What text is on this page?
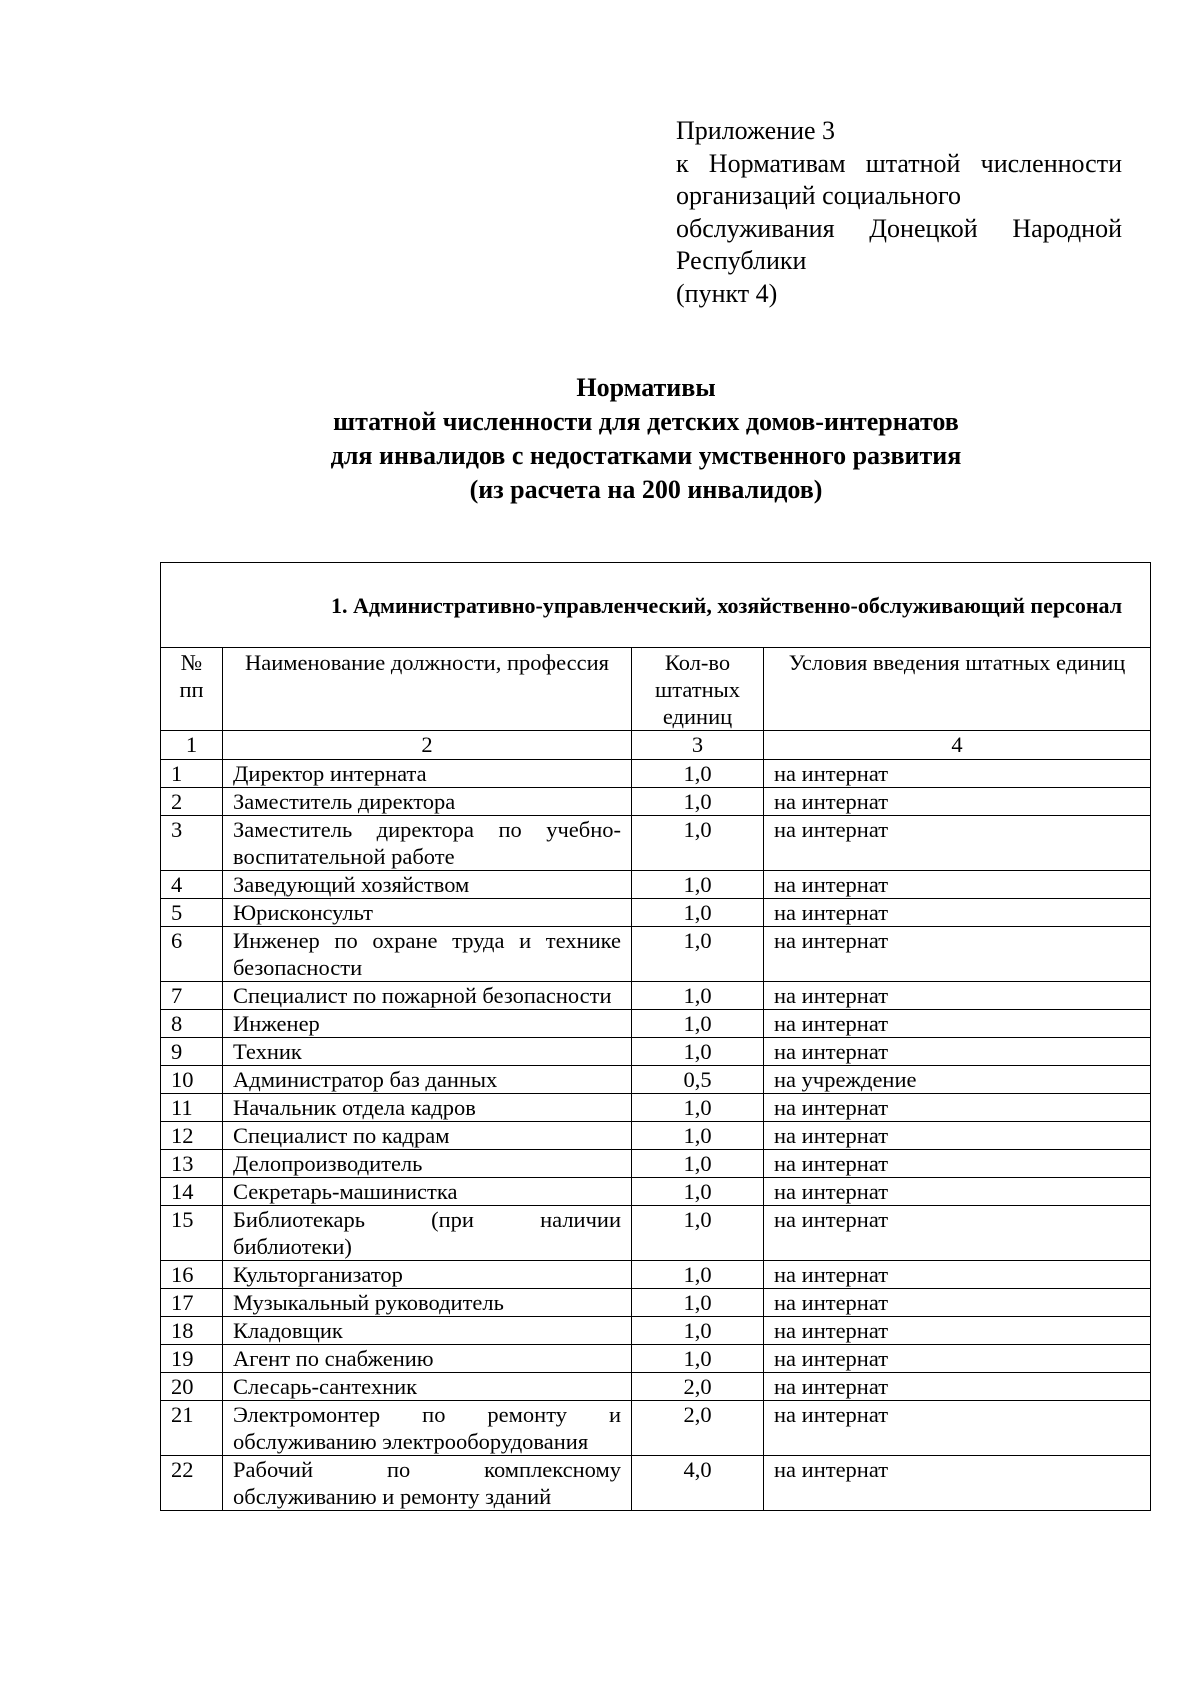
Приложение 3
к Нормативам штатной численности
организаций социального
обслуживания Донецкой Народной
Республики
(пункт 4)
Нормативы
штатной численности для детских домов-интернатов
для инвалидов с недостатками умственного развития
(из расчета на 200 инвалидов)
1. Административно-управленческий, хозяйственно-обслуживающий персонал			
№ пп	Наименование должности, профессия	Кол-во штатных единиц	Условия введения штатных единиц
1	2	3	4
1	Директор интерната	1,0	на интернат
2	Заместитель директора	1,0	на интернат
3	Заместитель директора по учебно-воспитательной работе	1,0	на интернат
4	Заведующий хозяйством	1,0	на интернат
5	Юрисконсульт	1,0	на интернат
6	Инженер по охране труда и технике безопасности	1,0	на интернат
7	Специалист по пожарной безопасности	1,0	на интернат
8	Инженер	1,0	на интернат
9	Техник	1,0	на интернат
10	Администратор баз данных	0,5	на учреждение
11	Начальник отдела кадров	1,0	на интернат
12	Специалист по кадрам	1,0	на интернат
13	Делопроизводитель	1,0	на интернат
14	Секретарь-машинистка	1,0	на интернат
15	Библиотекарь (при наличии библиотеки)	1,0	на интернат
16	Культорганизатор	1,0	на интернат
17	Музыкальный руководитель	1,0	на интернат
18	Кладовщик	1,0	на интернат
19	Агент по снабжению	1,0	на интернат
20	Слесарь-сантехник	2,0	на интернат
21	Электромонтер по ремонту и обслуживанию электрооборудования	2,0	на интернат
22	Рабочий по комплексному обслуживанию и ремонту зданий	4,0	на интернат
